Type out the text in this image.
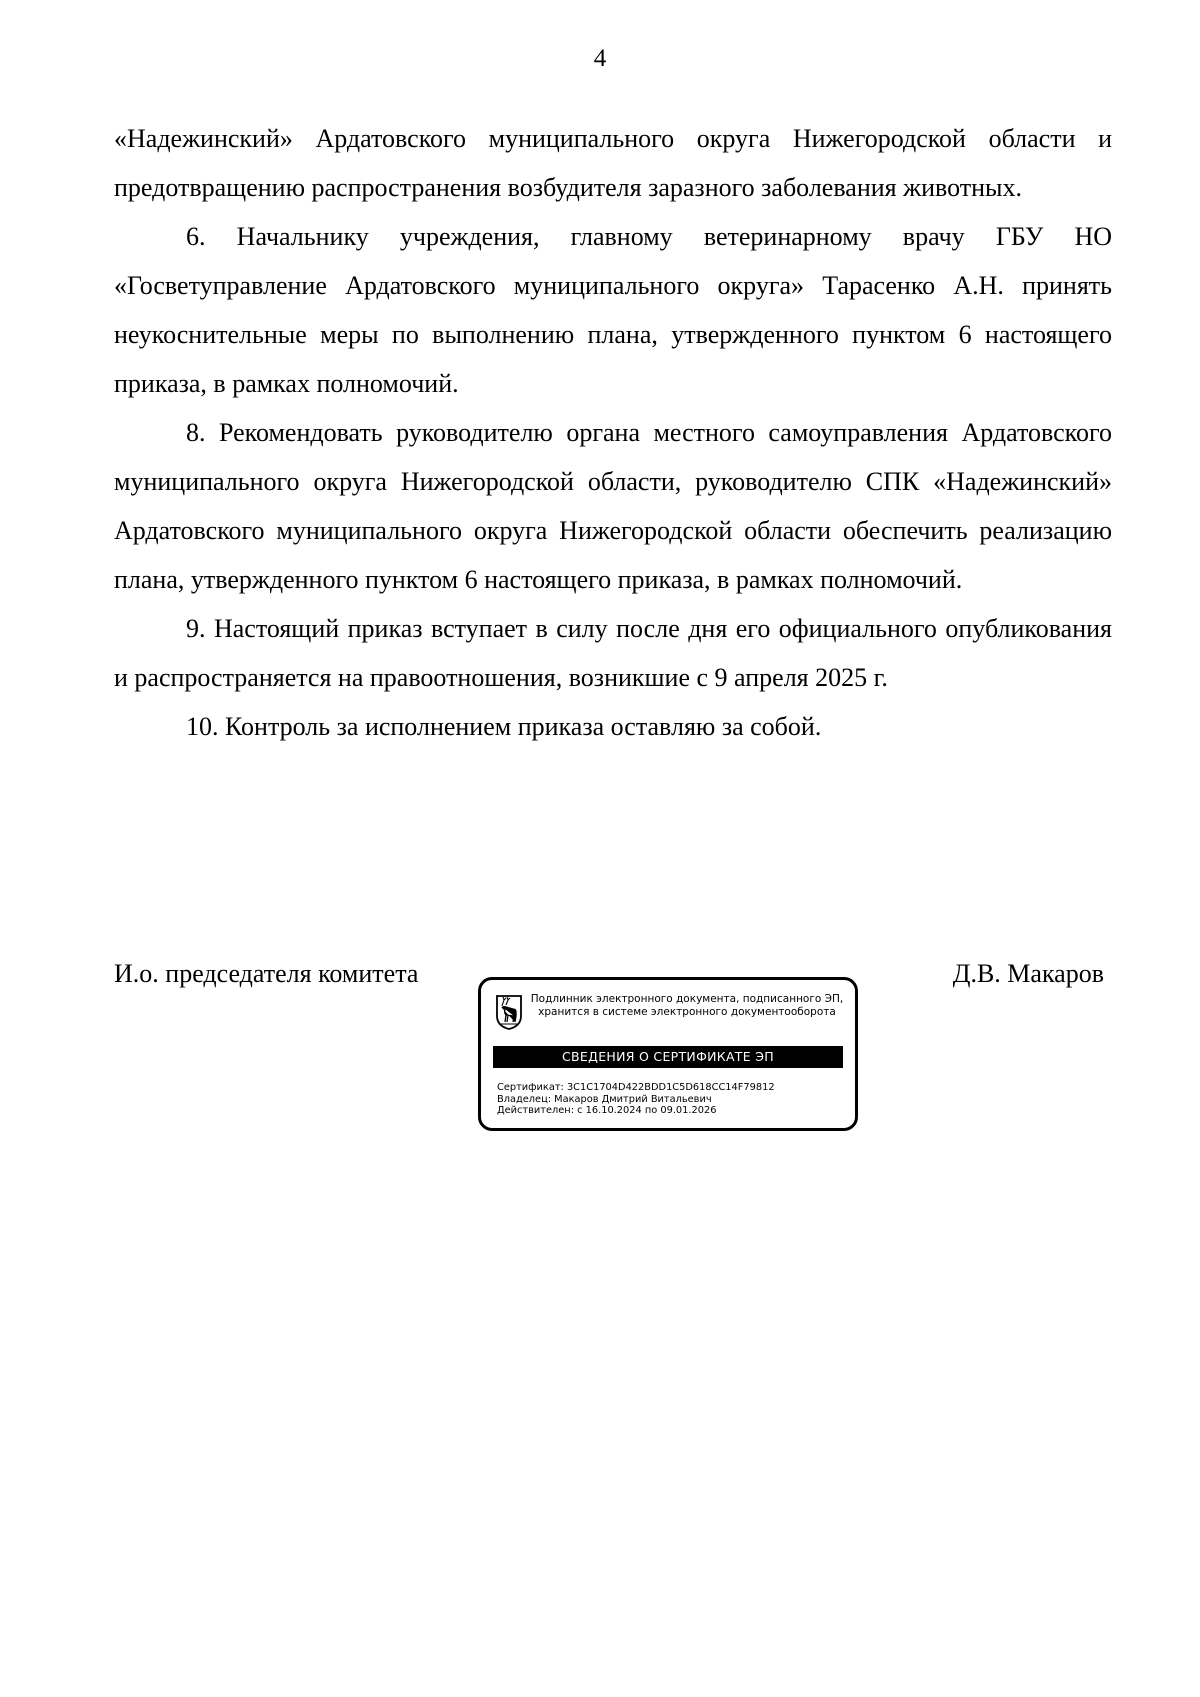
4

«Надежинский» Ардатовского муниципального округа Нижегородской области и предотвращению распространения возбудителя заразного заболевания животных.

6. Начальнику учреждения, главному ветеринарному врачу ГБУ НО «Госветуправление Ардатовского муниципального округа» Тарасенко А.Н. принять неукоснительные меры по выполнению плана, утвержденного пунктом 6 настоящего приказа, в рамках полномочий.

8. Рекомендовать руководителю органа местного самоуправления Ардатовского муниципального округа Нижегородской области, руководителю СПК «Надежинский» Ардатовского муниципального округа Нижегородской области обеспечить реализацию плана, утвержденного пунктом 6 настоящего приказа, в рамках полномочий.

9. Настоящий приказ вступает в силу после дня его официального опубликования и распространяется на правоотношения, возникшие с 9 апреля 2025 г.

10. Контроль за исполнением приказа оставляю за собой.

И.о. председателя комитета	Д.В. Макаров
Подлинник электронного документа, подписанного ЭП,
хранится в системе электронного документооборота
СВЕДЕНИЯ О СЕРТИФИКАТЕ ЭП
Сертификат: 3C1C1704D422BDD1C5D618CC14F79812
Владелец: Макаров Дмитрий Витальевич
Действителен: с 16.10.2024 по 09.01.2026
